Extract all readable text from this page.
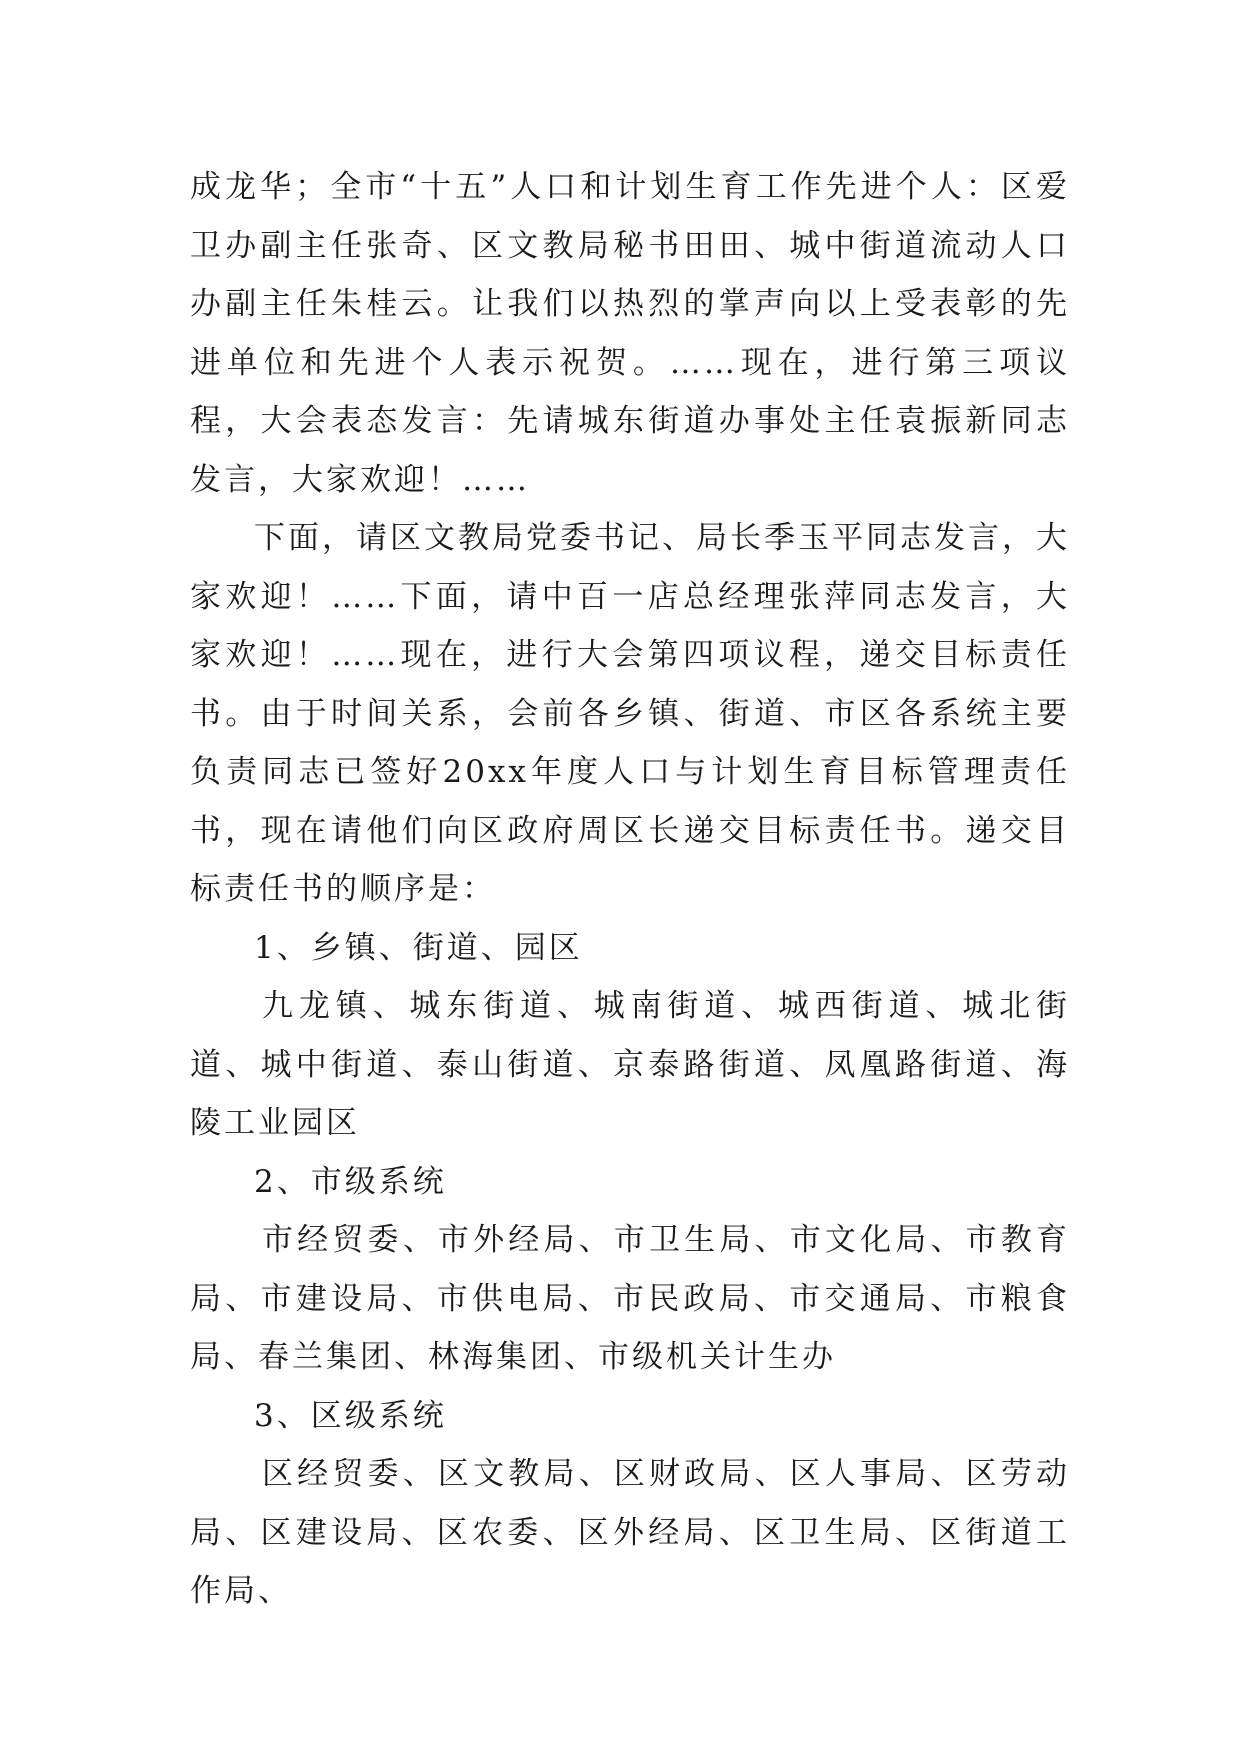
成龙华；全市“十五”人口和计划生育工作先进个人：区爱卫办副主任张奇、区文教局秘书田田、城中街道流动人口办副主任朱桂云。让我们以热烈的掌声向以上受表彰的先进单位和先进个人表示祝贺。……现在，进行第三项议程，大会表态发言：先请城东街道办事处主任袁振新同志发言，大家欢迎！……

下面，请区文教局党委书记、局长季玉平同志发言，大家欢迎！……下面，请中百一店总经理张萍同志发言，大家欢迎！……现在，进行大会第四项议程，递交目标责任书。由于时间关系，会前各乡镇、街道、市区各系统主要负责同志已签好20xx年度人口与计划生育目标管理责任书，现在请他们向区政府周区长递交目标责任书。递交目标责任书的顺序是：

1、乡镇、街道、园区

九龙镇、城东街道、城南街道、城西街道、城北街道、城中街道、泰山街道、京泰路街道、凤凰路街道、海陵工业园区

2、市级系统

市经贸委、市外经局、市卫生局、市文化局、市教育局、市建设局、市供电局、市民政局、市交通局、市粮食局、春兰集团、林海集团、市级机关计生办

3、区级系统

区经贸委、区文教局、区财政局、区人事局、区劳动局、区建设局、区农委、区外经局、区卫生局、区街道工作局、
